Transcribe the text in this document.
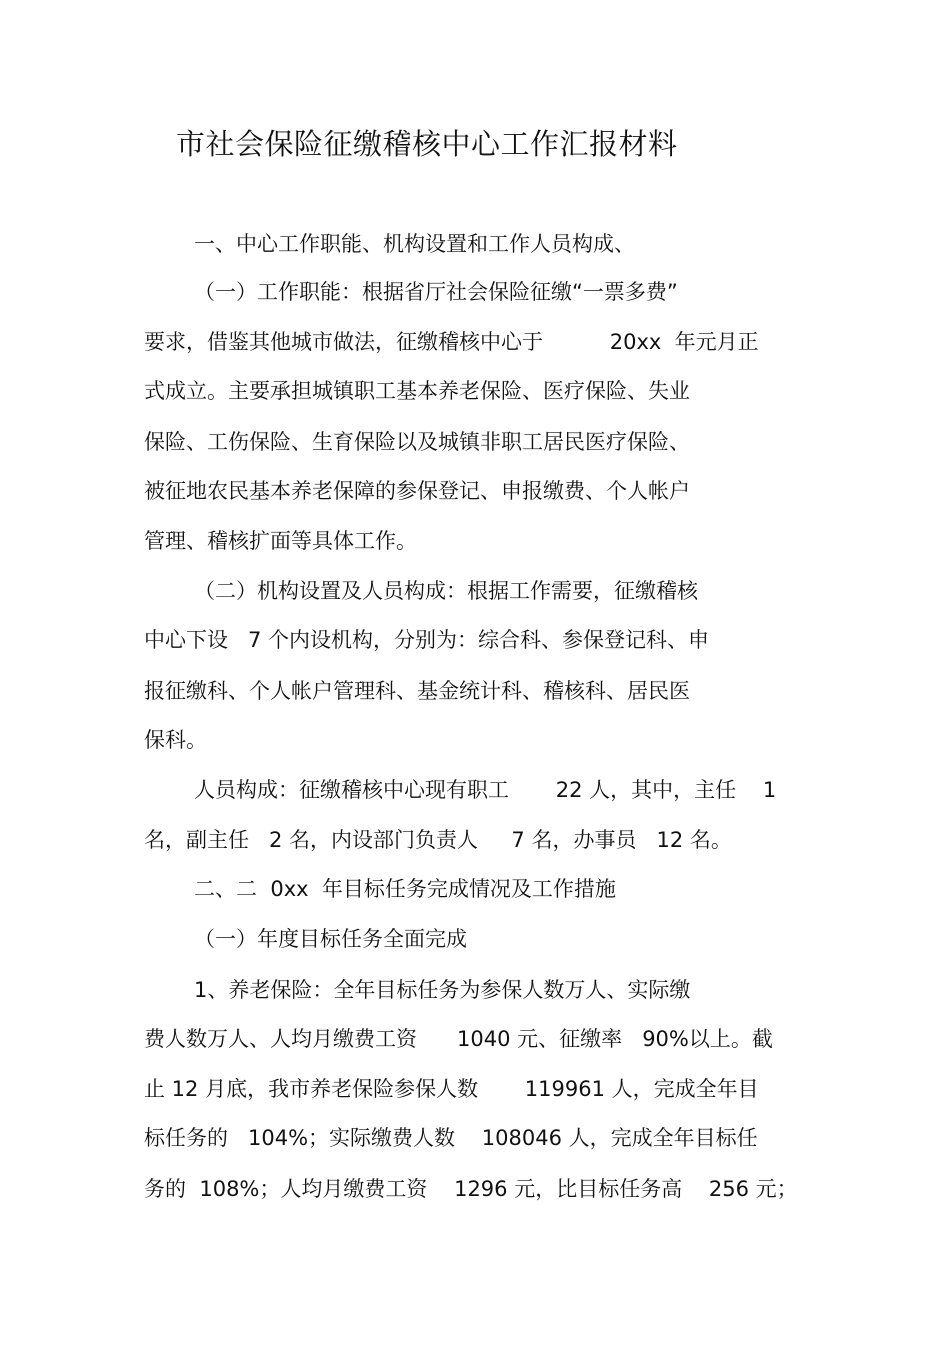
市社会保险征缴稽核中心工作汇报材料
一、中心工作职能、机构设置和工作人员构成、
（一）工作职能：根据省厅社会保险征缴“一票多费”
要求，借鉴其他城市做法，征缴稽核中心于          20xx  年元月正
式成立。主要承担城镇职工基本养老保险、医疗保险、失业
保险、工伤保险、生育保险以及城镇非职工居民医疗保险、
被征地农民基本养老保障的参保登记、申报缴费、个人帐户
管理、稽核扩面等具体工作。
（二）机构设置及人员构成：根据工作需要，征缴稽核
中心下设   7 个内设机构，分别为：综合科、参保登记科、申
报征缴科、个人帐户管理科、基金统计科、稽核科、居民医
保科。
人员构成：征缴稽核中心现有职工       22 人，其中，主任    1
名，副主任   2 名，内设部门负责人     7 名，办事员   12 名。
二、二  0xx  年目标任务完成情况及工作措施
（一）年度目标任务全面完成
1、养老保险：全年目标任务为参保人数万人、实际缴
费人数万人、人均月缴费工资      1040 元、征缴率   90%以上。截
止 12 月底，我市养老保险参保人数       119961 人，完成全年目
标任务的   104%；实际缴费人数    108046 人，完成全年目标任
务的  108%；人均月缴费工资    1296 元，比目标任务高    256 元；
